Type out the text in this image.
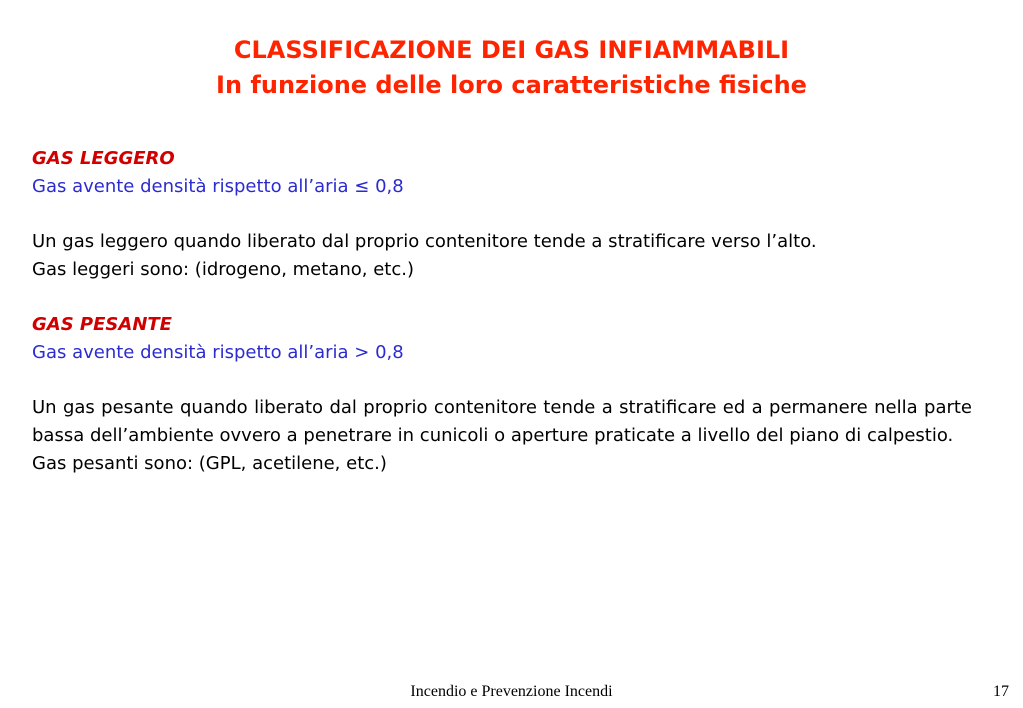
CLASSIFICAZIONE DEI GAS INFIAMMABILI
In funzione delle loro caratteristiche fisiche
GAS LEGGERO
Gas avente densità rispetto all’aria ≤ 0,8

Un gas leggero quando liberato dal proprio contenitore tende a stratificare verso l’alto.

Gas leggeri sono: (idrogeno, metano, etc.)
GAS PESANTE
Gas avente densità rispetto all’aria > 0,8

Un gas pesante quando liberato dal proprio contenitore tende a stratificare ed a permanere nella parte bassa dell’ambiente ovvero a penetrare in cunicoli o aperture praticate a livello del piano di calpestio.

Gas pesanti sono: (GPL, acetilene, etc.)
Incendio e Prevenzione Incendi	17
